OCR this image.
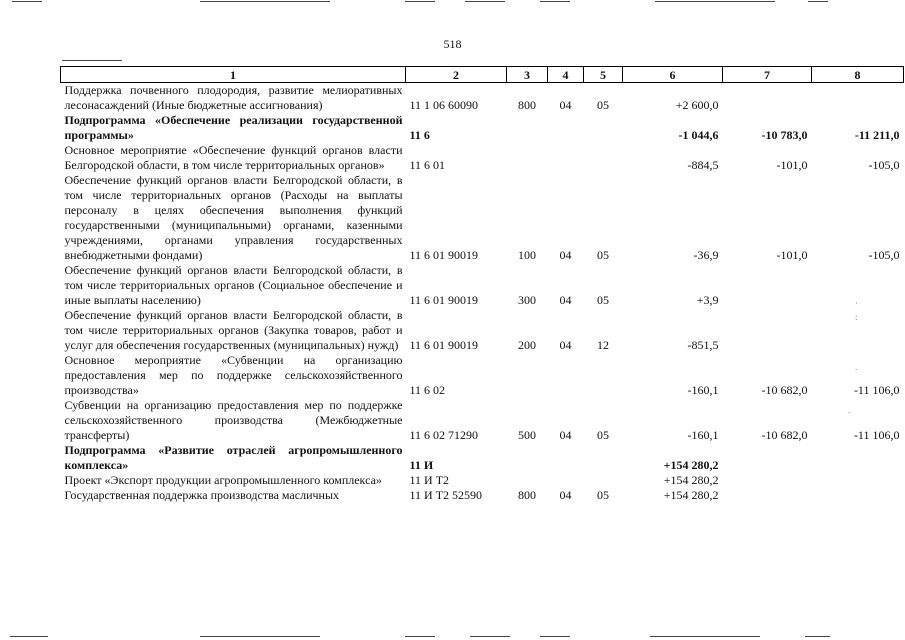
518
1	2	3	4	5	6	7	8
Поддержка почвенного плодородия, развитие мелиоративных лесонасаждений (Иные бюджетные ассигнования)	11 1 06 60090	800	04	05	+2 600,0		
Подпрограмма «Обеспечение реализации государственной программы»	11 6				-1 044,6	-10 783,0	-11 211,0
Основное мероприятие «Обеспечение функций органов власти Белгородской области, в том числе территориальных органов»	11 6 01				-884,5	-101,0	-105,0
Обеспечение функций органов власти Белгородской области, в том числе территориальных органов (Расходы на выплаты персоналу в целях обеспечения выполнения функций государственными (муниципальными) органами, казенными учреждениями, органами управления государственных внебюджетными фондами)	11 6 01 90019	100	04	05	-36,9	-101,0	-105,0
Обеспечение функций органов власти Белгородской области, в том числе территориальных органов (Социальное обеспечение и иные выплаты населению)	11 6 01 90019	300	04	05	+3,9		
Обеспечение функций органов власти Белгородской области, в том числе территориальных органов (Закупка товаров, работ и услуг для обеспечения государственных (муниципальных) нужд)	11 6 01 90019	200	04	12	-851,5		
Основное мероприятие «Субвенции на организацию предоставления мер по поддержке сельскохозяйственного производства»	11 6 02				-160,1	-10 682,0	-11 106,0
Субвенции на организацию предоставления мер по поддержке сельскохозяйственного производства (Межбюджетные трансферты)	11 6 02 71290	500	04	05	-160,1	-10 682,0	-11 106,0
Подпрограмма «Развитие отраслей агропромышленного комплекса»	11 И				+154 280,2		
Проект «Экспорт продукции агропромышленного комплекса»	11 И Т2				+154 280,2		
Государственная поддержка производства масличных	11 И Т2 52590	800	04	05	+154 280,2		
·
:
.
.
